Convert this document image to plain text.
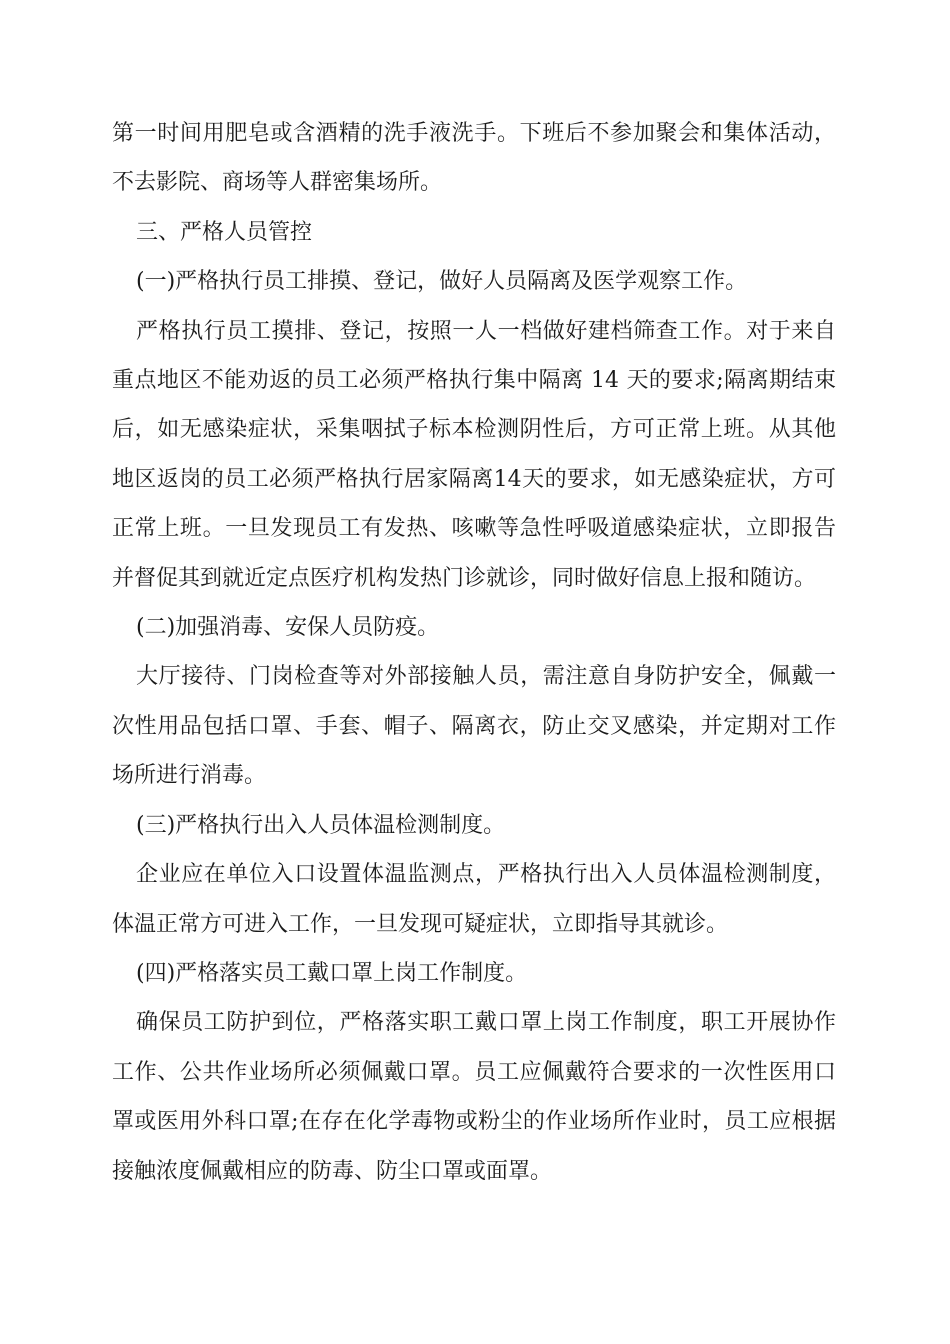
第一时间用肥皂或含酒精的洗手液洗手。下班后不参加聚会和集体活动，不去影院、商场等人群密集场所。

三、严格人员管控

(一)严格执行员工排摸、登记，做好人员隔离及医学观察工作。

严格执行员工摸排、登记，按照一人一档做好建档筛查工作。对于来自重点地区不能劝返的员工必须严格执行集中隔离 14 天的要求;隔离期结束后，如无感染症状，采集咽拭子标本检测阴性后，方可正常上班。从其他地区返岗的员工必须严格执行居家隔离14天的要求，如无感染症状，方可正常上班。一旦发现员工有发热、咳嗽等急性呼吸道感染症状，立即报告并督促其到就近定点医疗机构发热门诊就诊，同时做好信息上报和随访。

(二)加强消毒、安保人员防疫。

大厅接待、门岗检查等对外部接触人员，需注意自身防护安全，佩戴一次性用品包括口罩、手套、帽子、隔离衣，防止交叉感染，并定期对工作场所进行消毒。

(三)严格执行出入人员体温检测制度。

企业应在单位入口设置体温监测点，严格执行出入人员体温检测制度，体温正常方可进入工作，一旦发现可疑症状，立即指导其就诊。

(四)严格落实员工戴口罩上岗工作制度。

确保员工防护到位，严格落实职工戴口罩上岗工作制度，职工开展协作工作、公共作业场所必须佩戴口罩。员工应佩戴符合要求的一次性医用口罩或医用外科口罩;在存在化学毒物或粉尘的作业场所作业时，员工应根据接触浓度佩戴相应的防毒、防尘口罩或面罩。
